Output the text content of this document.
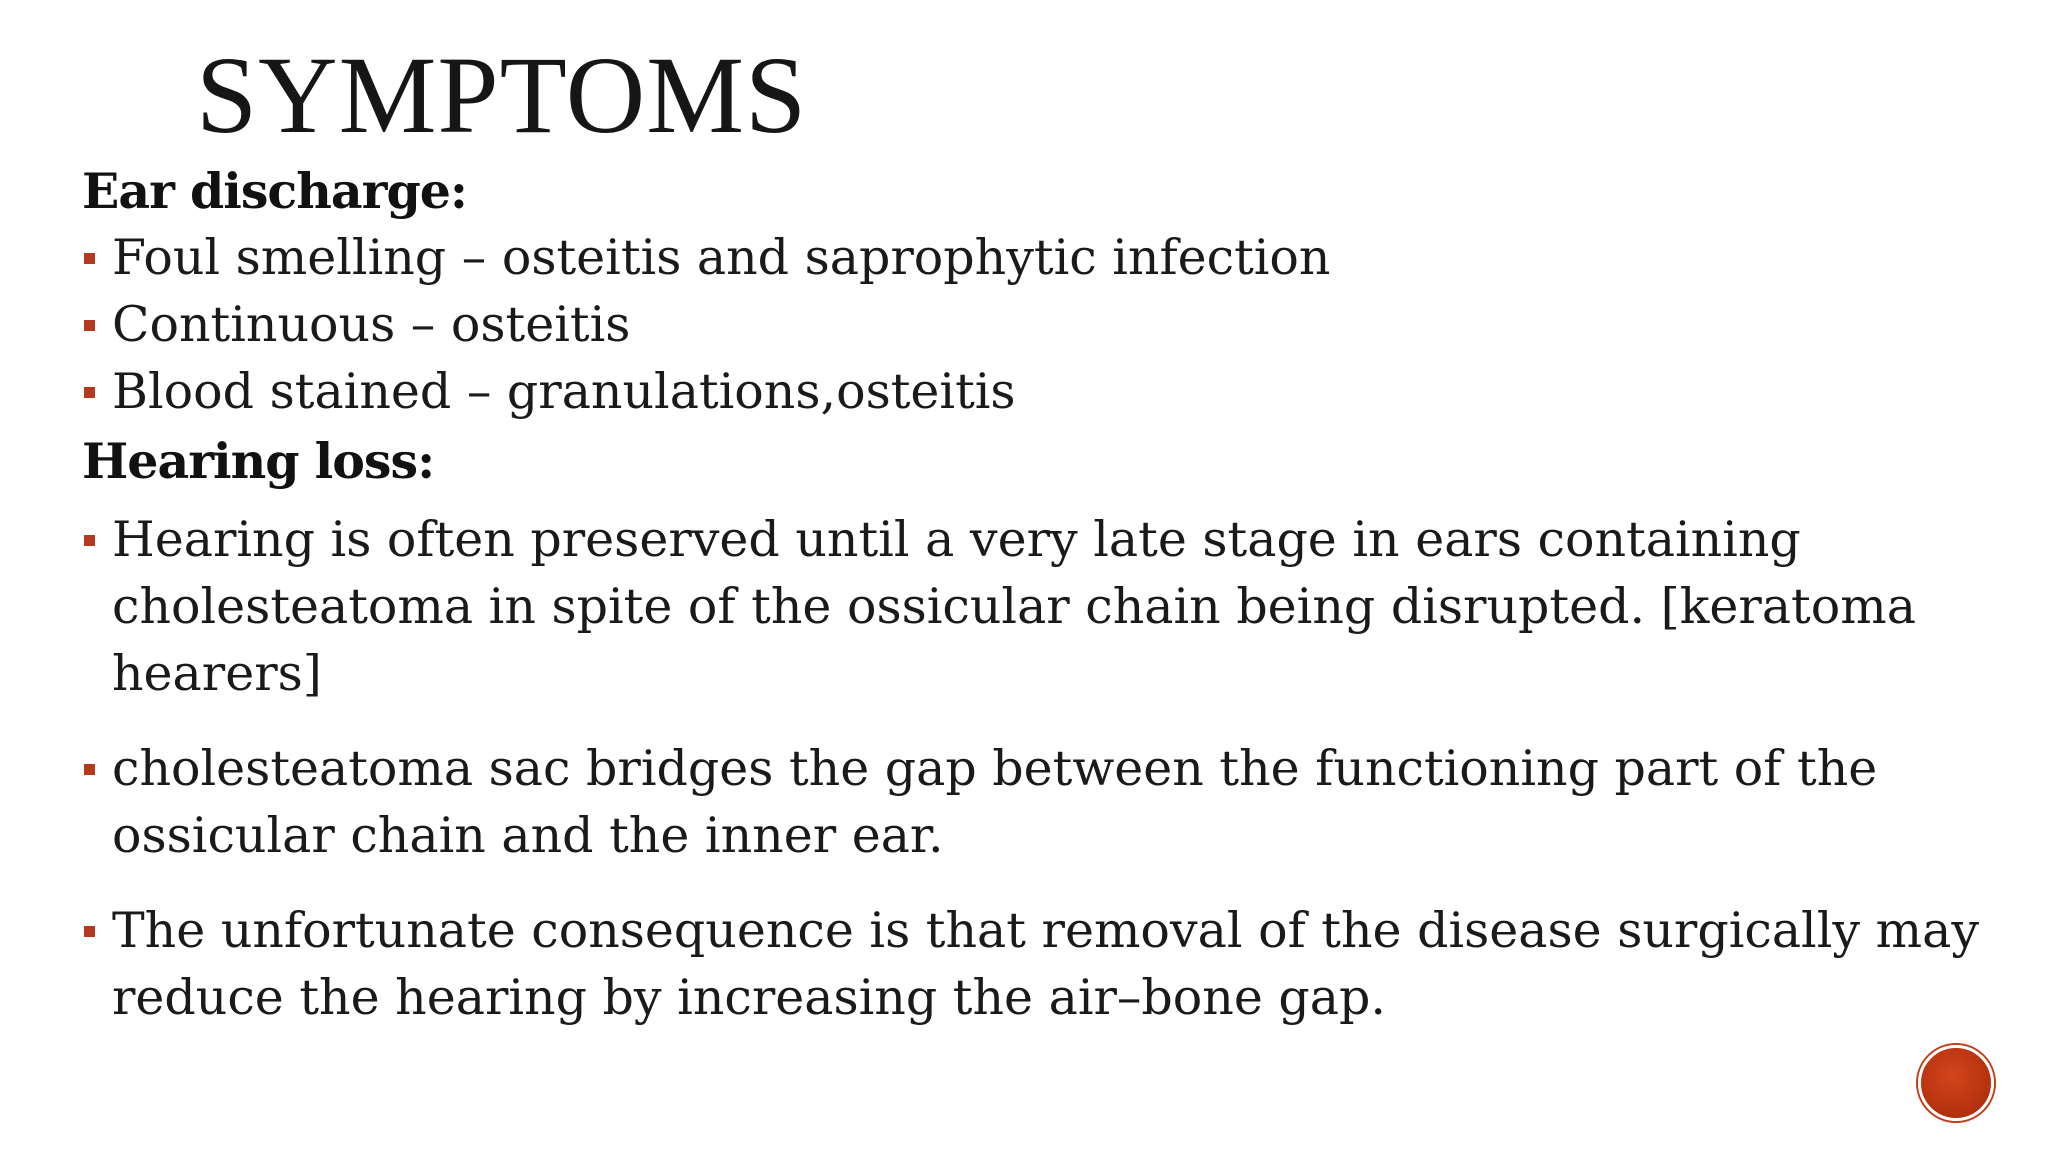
SYMPTOMS

Ear discharge:

Foul smelling – osteitis and saprophytic infection
Continuous – osteitis
Blood stained – granulations,osteitis

Hearing loss:

Hearing is often preserved until a very late stage in ears containing cholesteatoma in spite of the ossicular chain being disrupted. [keratoma hearers]
cholesteatoma sac bridges the gap between the functioning part of the ossicular chain and the inner ear.
The unfortunate consequence is that removal of the disease surgically may reduce the hearing by increasing the air–bone gap.
